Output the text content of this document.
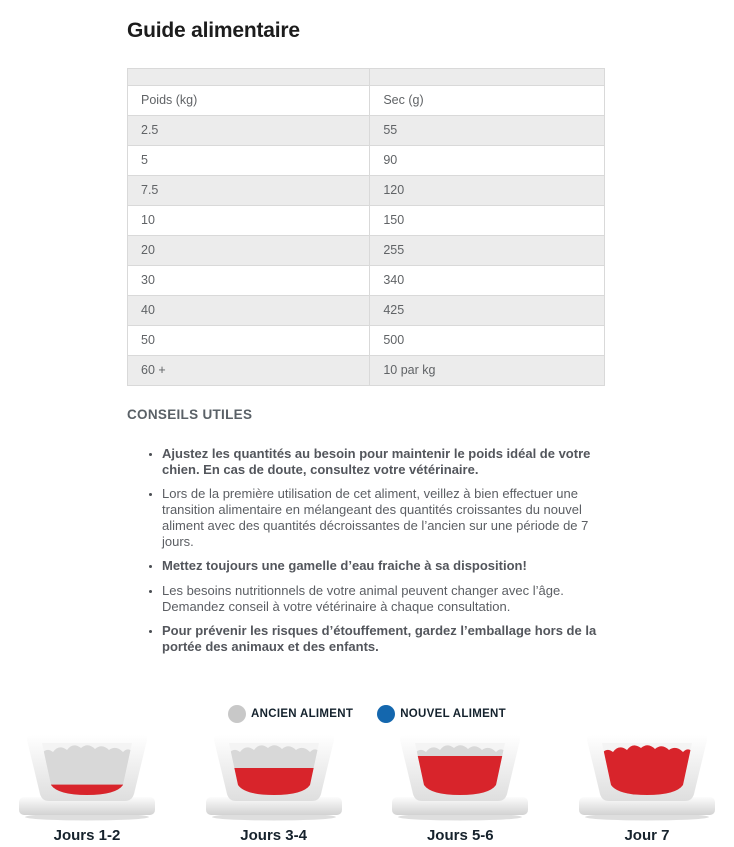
Guide alimentaire

Poids (kg)	Sec (g)
2.5	55
5	90
7.5	120
10	150
20	255
30	340
40	425
50	500
60 +	10 par kg
CONSEILS UTILES
• Ajustez les quantités au besoin pour maintenir le poids idéal de votre chien. En cas de doute, consultez votre vétérinaire.
• Lors de la première utilisation de cet aliment, veillez à bien effectuer une transition alimentaire en mélangeant des quantités croissantes du nouvel aliment avec des quantités décroissantes de l’ancien sur une période de 7 jours.
• Mettez toujours une gamelle d’eau fraiche à sa disposition!
• Les besoins nutritionnels de votre animal peuvent changer avec l’âge. Demandez conseil à votre vétérinaire à chaque consultation.
• Pour prévenir les risques d’étouffement, gardez l’emballage hors de la portée des animaux et des enfants.
ANCIEN ALIMENT	NOUVEL ALIMENT
Jours 1-2	Jours 3-4	Jours 5-6	Jour 7
